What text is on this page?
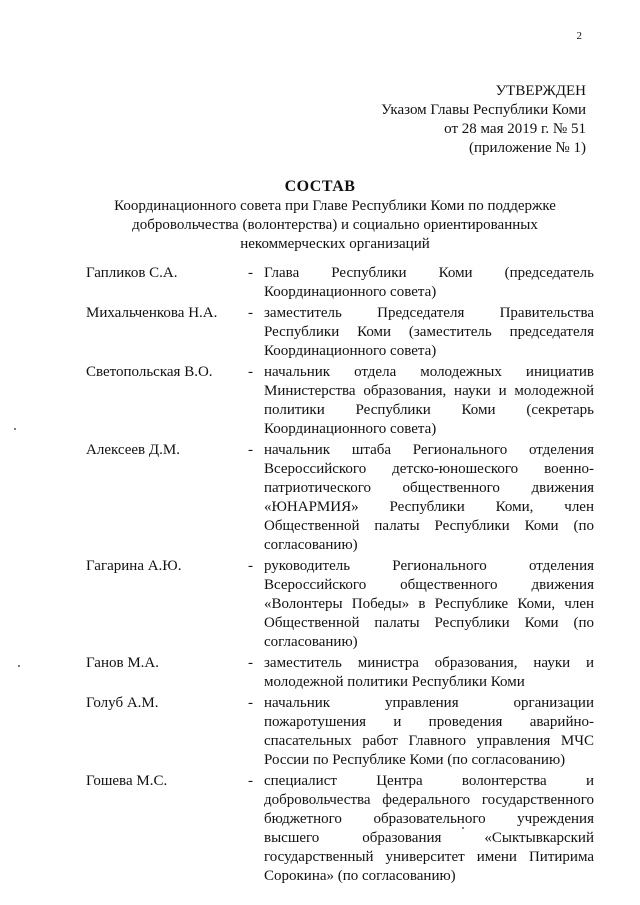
2
УТВЕРЖДЕН
Указом Главы Республики Коми
от 28 мая 2019 г. № 51
(приложение № 1)
СОСТАВ
Координационного совета при Главе Республики Коми по поддержке добровольчества (волонтерства) и социально ориентированных некоммерческих организаций
Гапликов С.А.	- Глава Республики Коми (председатель Координационного совета)
Михальченкова Н.А.	- заместитель Председателя Правительства Республики Коми (заместитель председателя Координационного совета)
Светопольская В.О.	- начальник отдела молодежных инициатив Министерства образования, науки и молодежной политики Республики Коми (секретарь Координационного совета)
Алексеев Д.М.	- начальник штаба Регионального отделения Всероссийского детско-юношеского военно-патриотического общественного движения «ЮНАРМИЯ» Республики Коми, член Общественной палаты Республики Коми (по согласованию)
Гагарина А.Ю.	- руководитель Регионального отделения Всероссийского общественного движения «Волонтеры Победы» в Республике Коми, член Общественной палаты Республики Коми (по согласованию)
Ганов М.А.	- заместитель министра образования, науки и молодежной политики Республики Коми
Голуб А.М.	- начальник управления организации пожаротушения и проведения аварийно-спасательных работ Главного управления МЧС России по Республике Коми (по согласованию)
Гошева М.С.	- специалист Центра волонтерства и добровольчества федерального государственного бюджетного образовательного учреждения высшего образования «Сыктывкарский государственный университет имени Питирима Сорокина» (по согласованию)
